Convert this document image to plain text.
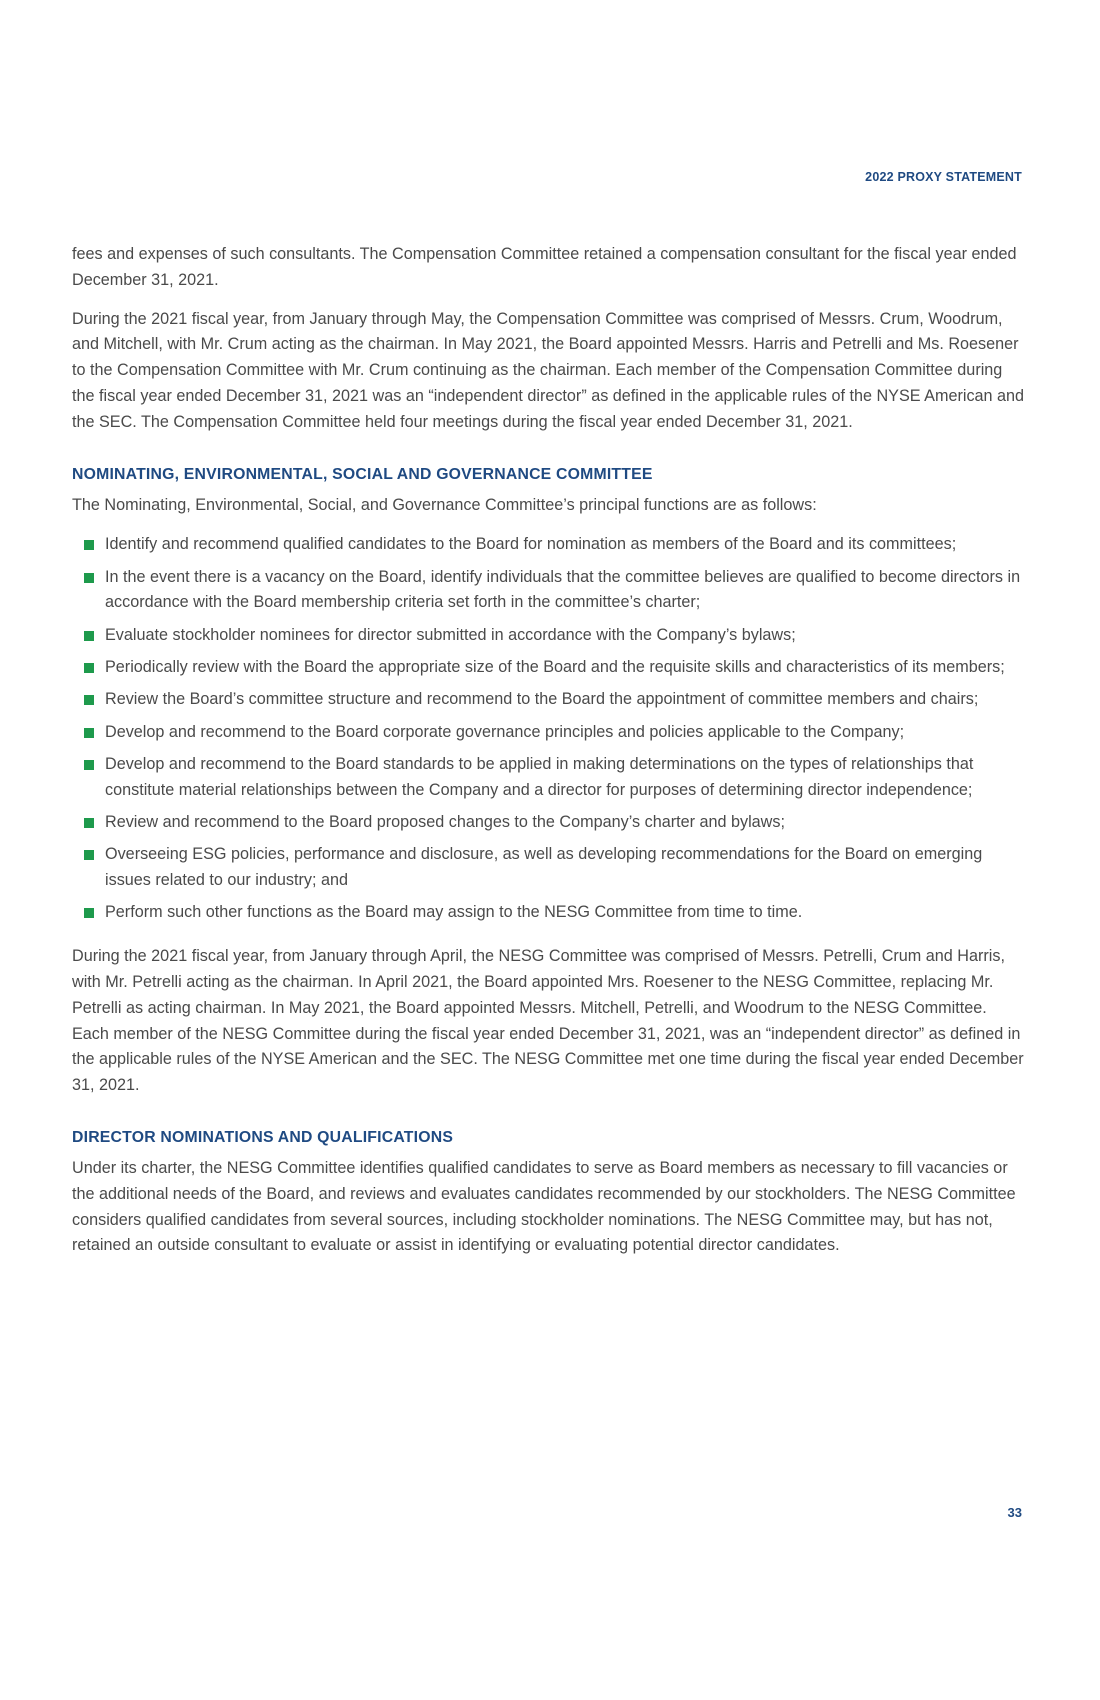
2022 PROXY STATEMENT

fees and expenses of such consultants. The Compensation Committee retained a compensation consultant for the fiscal year ended December 31, 2021.

During the 2021 fiscal year, from January through May, the Compensation Committee was comprised of Messrs. Crum, Woodrum, and Mitchell, with Mr. Crum acting as the chairman. In May 2021, the Board appointed Messrs. Harris and Petrelli and Ms. Roesener to the Compensation Committee with Mr. Crum continuing as the chairman. Each member of the Compensation Committee during the fiscal year ended December 31, 2021 was an “independent director” as defined in the applicable rules of the NYSE American and the SEC. The Compensation Committee held four meetings during the fiscal year ended December 31, 2021.

NOMINATING, ENVIRONMENTAL, SOCIAL AND GOVERNANCE COMMITTEE

The Nominating, Environmental, Social, and Governance Committee’s principal functions are as follows:

Identify and recommend qualified candidates to the Board for nomination as members of the Board and its committees;
In the event there is a vacancy on the Board, identify individuals that the committee believes are qualified to become directors in accordance with the Board membership criteria set forth in the committee’s charter;
Evaluate stockholder nominees for director submitted in accordance with the Company’s bylaws;
Periodically review with the Board the appropriate size of the Board and the requisite skills and characteristics of its members;
Review the Board’s committee structure and recommend to the Board the appointment of committee members and chairs;
Develop and recommend to the Board corporate governance principles and policies applicable to the Company;
Develop and recommend to the Board standards to be applied in making determinations on the types of relationships that constitute material relationships between the Company and a director for purposes of determining director independence;
Review and recommend to the Board proposed changes to the Company’s charter and bylaws;
Overseeing ESG policies, performance and disclosure, as well as developing recommendations for the Board on emerging issues related to our industry; and
Perform such other functions as the Board may assign to the NESG Committee from time to time.

During the 2021 fiscal year, from January through April, the NESG Committee was comprised of Messrs. Petrelli, Crum and Harris, with Mr. Petrelli acting as the chairman. In April 2021, the Board appointed Mrs. Roesener to the NESG Committee, replacing Mr. Petrelli as acting chairman. In May 2021, the Board appointed Messrs. Mitchell, Petrelli, and Woodrum to the NESG Committee. Each member of the NESG Committee during the fiscal year ended December 31, 2021, was an “independent director” as defined in the applicable rules of the NYSE American and the SEC. The NESG Committee met one time during the fiscal year ended December 31, 2021.

DIRECTOR NOMINATIONS AND QUALIFICATIONS

Under its charter, the NESG Committee identifies qualified candidates to serve as Board members as necessary to fill vacancies or the additional needs of the Board, and reviews and evaluates candidates recommended by our stockholders. The NESG Committee considers qualified candidates from several sources, including stockholder nominations. The NESG Committee may, but has not, retained an outside consultant to evaluate or assist in identifying or evaluating potential director candidates.

33
